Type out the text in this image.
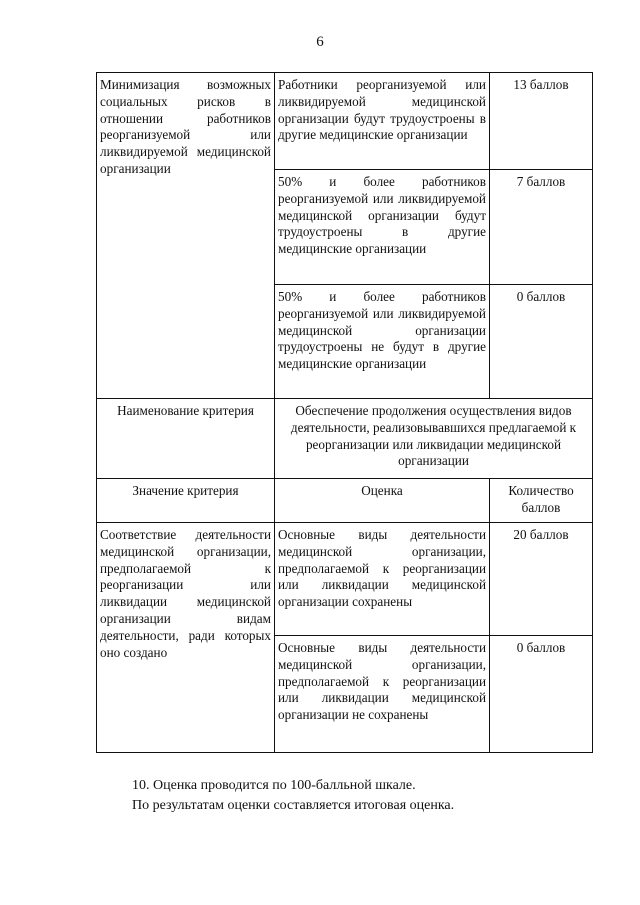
6
Минимизация возможных социальных рисков в отношении работников реорганизуемой или ликвидируемой медицинской организации	Работники реорганизуемой или ликвидируемой медицинской организации будут трудоустроены в другие медицинские организации	13 баллов
	50% и более работников реорганизуемой или ликвидируемой медицинской организации будут трудоустроены в другие медицинские организации	7 баллов
	50% и более работников реорганизуемой или ликвидируемой медицинской организации трудоустроены не будут в другие медицинские организации	0 баллов
Наименование критерия	Обеспечение продолжения осуществления видов деятельности, реализовывавшихся предлагаемой к реорганизации или ликвидации медицинской организации	
Значение критерия	Оценка	Количество баллов
Соответствие деятельности медицинской организации, предполагаемой к реорганизации или ликвидации медицинской организации видам деятельности, ради которых оно создано	Основные виды деятельности медицинской организации, предполагаемой к реорганизации или ликвидации медицинской организации сохранены	20 баллов
	Основные виды деятельности медицинской организации, предполагаемой к реорганизации или ликвидации медицинской организации не сохранены	0 баллов

10. Оценка проводится по 100-балльной шкале.

По результатам оценки составляется итоговая оценка.
